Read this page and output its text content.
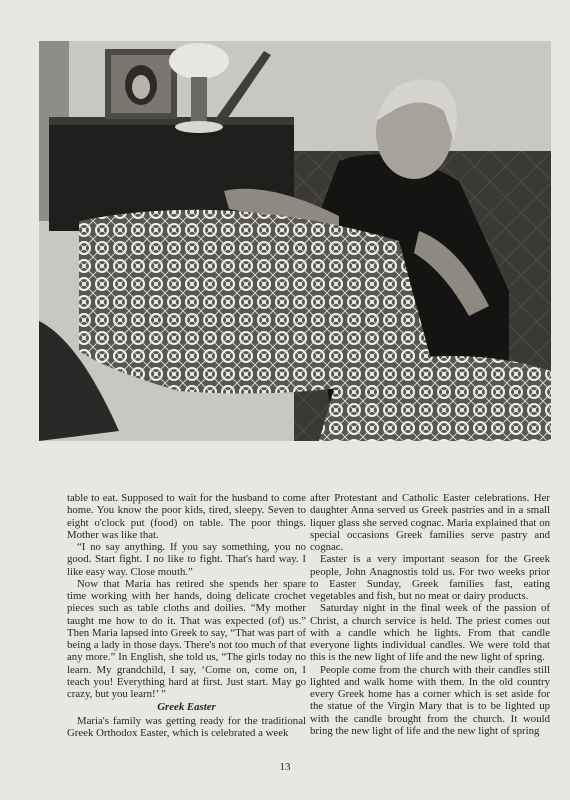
table to eat. Supposed to wait for the husband to come home. You know the poor kids, tired, sleepy. Seven to eight o'clock put (food) on table. The poor things. Mother was like that.

“I no say anything. If you say something, you no good. Start fight. I no like to fight. That's hard way. I like easy way. Close mouth.”

Now that Maria has retired she spends her spare time working with her hands, doing delicate crochet pieces such as table cloths and doilies. “My mother taught me how to do it. That was expected (of) us.” Then Maria lapsed into Greek to say, “That was part of being a lady in those days. There's not too much of that any more.” In English, she told us, “The girls today no learn. My grandchild, I say, ‘Come on, come on, I teach you! Everything hard at first. Just start. May go crazy, but you learn!’ ”

Greek Easter

Maria's family was getting ready for the traditional Greek Orthodox Easter, which is celebrated a week

after Protestant and Catholic Easter celebrations. Her daughter Anna served us Greek pastries and in a small liquer glass she served cognac. Maria explained that on special occasions Greek families serve pastry and cognac.

Easter is a very important season for the Greek people, John Anagnostis told us. For two weeks prior to Easter Sunday, Greek families fast, eating vegetables and fish, but no meat or dairy products.

Saturday night in the final week of the passion of Christ, a church service is held. The priest comes out with a candle which he lights. From that candle everyone lights individual candles. We were told that this is the new light of life and the new light of spring.

People come from the church with their candles still lighted and walk home with them. In the old country every Greek home has a corner which is set aside for the statue of the Virgin Mary that is to be lighted up with the candle brought from the church. It would bring the new light of life and the new light of spring

13
